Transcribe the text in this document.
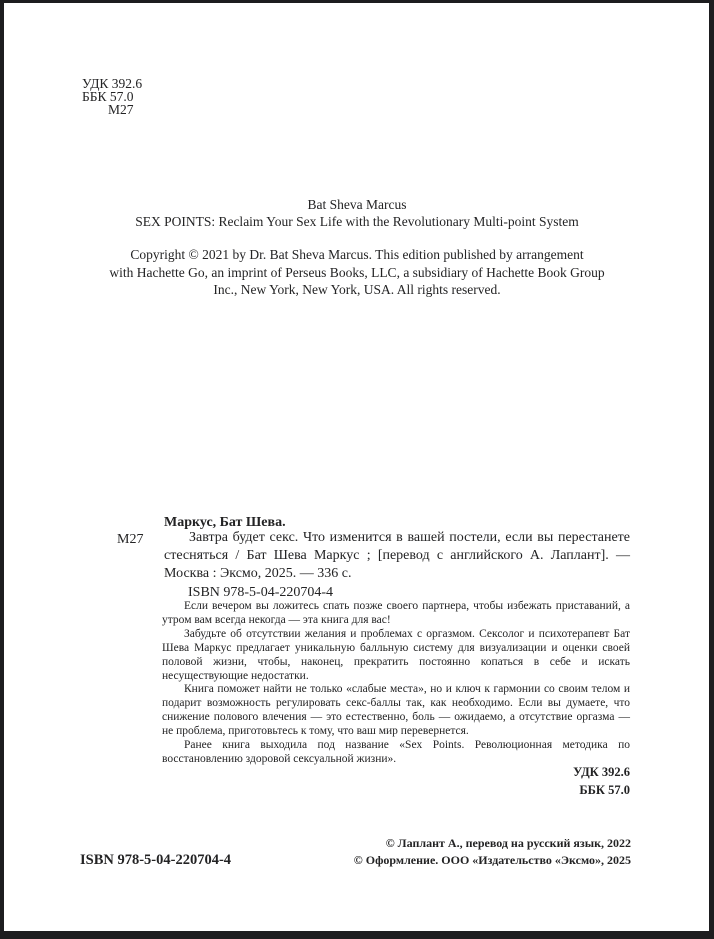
УДК 392.6
ББК 57.0
М27
Bat Sheva Marcus
SEX POINTS: Reclaim Your Sex Life with the Revolutionary Multi-point System
Copyright © 2021 by Dr. Bat Sheva Marcus. This edition published by arrangement
with Hachette Go, an imprint of Perseus Books, LLC, a subsidiary of Hachette Book Group
Inc., New York, New York, USA. All rights reserved.
М27
Маркус, Бат Шева.

Завтра будет секс. Что изменится в вашей постели, если вы перестанете стесняться / Бат Шева Маркус ; [перевод с английского А. Лаплант]. — Москва : Эксмо, 2025. — 336 с.

ISBN 978-5-04-220704-4

Если вечером вы ложитесь спать позже своего партнера, чтобы избежать приставаний, а утром вам всегда некогда — эта книга для вас!

Забудьте об отсутствии желания и проблемах с оргазмом. Сексолог и психотерапевт Бат Шева Маркус предлагает уникальную балльную систему для визуализации и оценки своей половой жизни, чтобы, наконец, прекратить постоянно копаться в себе и искать несуществующие недостатки.

Книга поможет найти не только «слабые места», но и ключ к гармонии со своим телом и подарит возможность регулировать секс-баллы так, как необходимо. Если вы думаете, что снижение полового влечения — это естественно, боль — ожидаемо, а отсутствие оргазма — не проблема, приготовьтесь к тому, что ваш мир перевернется.

Ранее книга выходила под название «Sex Points. Революционная методика по восстановлению здоровой сексуальной жизни».

УДК 392.6
ББК 57.0
ISBN 978-5-04-220704-4
© Лаплант А., перевод на русский язык, 2022
© Оформление. ООО «Издательство «Эксмо», 2025
